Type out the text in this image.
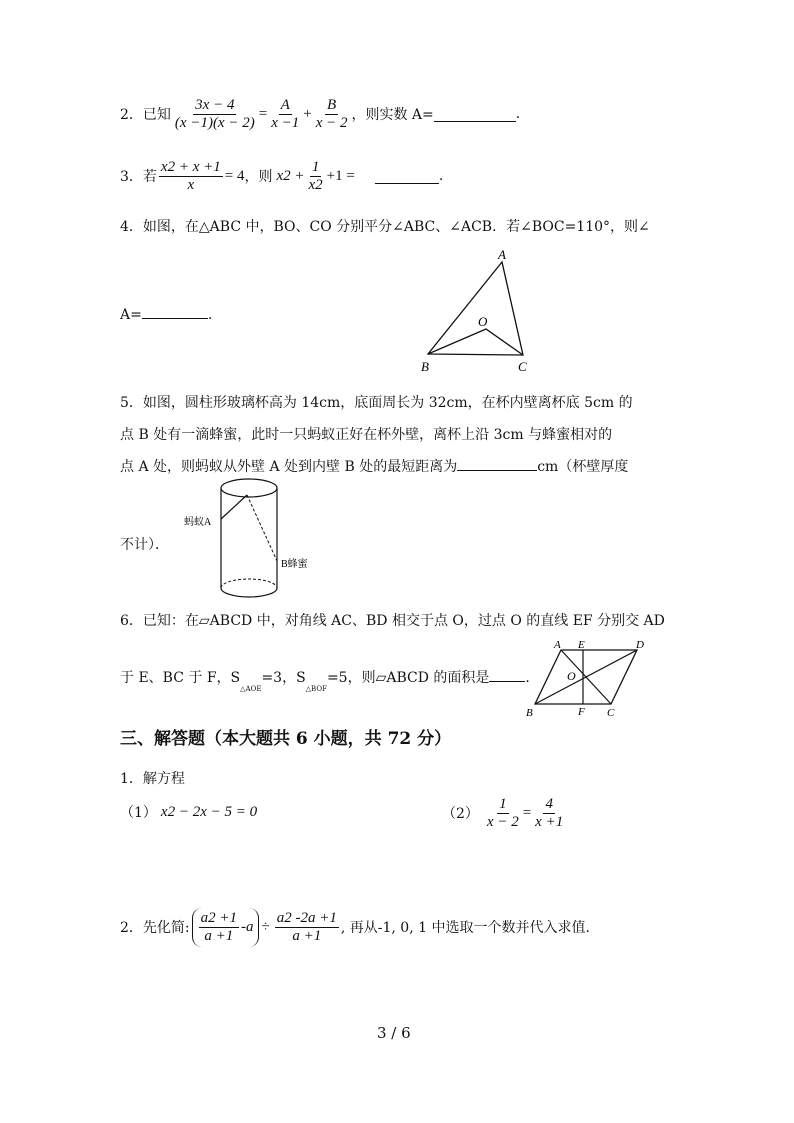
2． 已知 $\frac{3x - 4}{(x -1)(x - 2)} = \frac{A}{x -1} + \frac{B}{x - 2}$ ，则实数 A=	.
3． 若 $\frac{x2 + x +1}{x} = 4$ ，则 $x2 + \frac{1}{x2} +1$ =	.
4．如图，在△ABC 中，BO、CO 分别平分∠ABC、∠ACB．若∠BOC=110°，则∠
A=	.
A
B	C
O
5．如图，圆柱形玻璃杯高为 14cm，底面周长为 32cm，在杯内壁离杯底 5cm 的
点 B 处有一滴蜂蜜，此时一只蚂蚁正好在杯外壁，离杯上沿 3cm 与蜂蜜相对的
点 A 处，则蚂蚁从外壁 A 处到内壁 B 处的最短距离为	cm（杯壁厚度
不计）．
蚂蚁A
B蜂蜜
6．已知：在▱ABCD 中，对角线 AC、BD 相交于点 O，过点 O 的直线 EF 分别交 AD
于 E、BC 于 F，$S_{\triangle AOE}=3$，$S_{\triangle BOF}=5$，则▱ABCD 的面积是	.
A E	D
O
B	F C
三、解答题（本大题共 6 小题，共 72 分）
1．解方程
（1） x2 − 2x − 5 = 0	$(2) \frac{1}{x - 2} = \frac{4}{x +1}$
2．先化简: $\frac{a2 +1}{a +1} -a \div \frac{a2 -2a +1}{a +1}$ , 再从-1, 0, 1 中选取一个数并代入求值.
3 / 6
